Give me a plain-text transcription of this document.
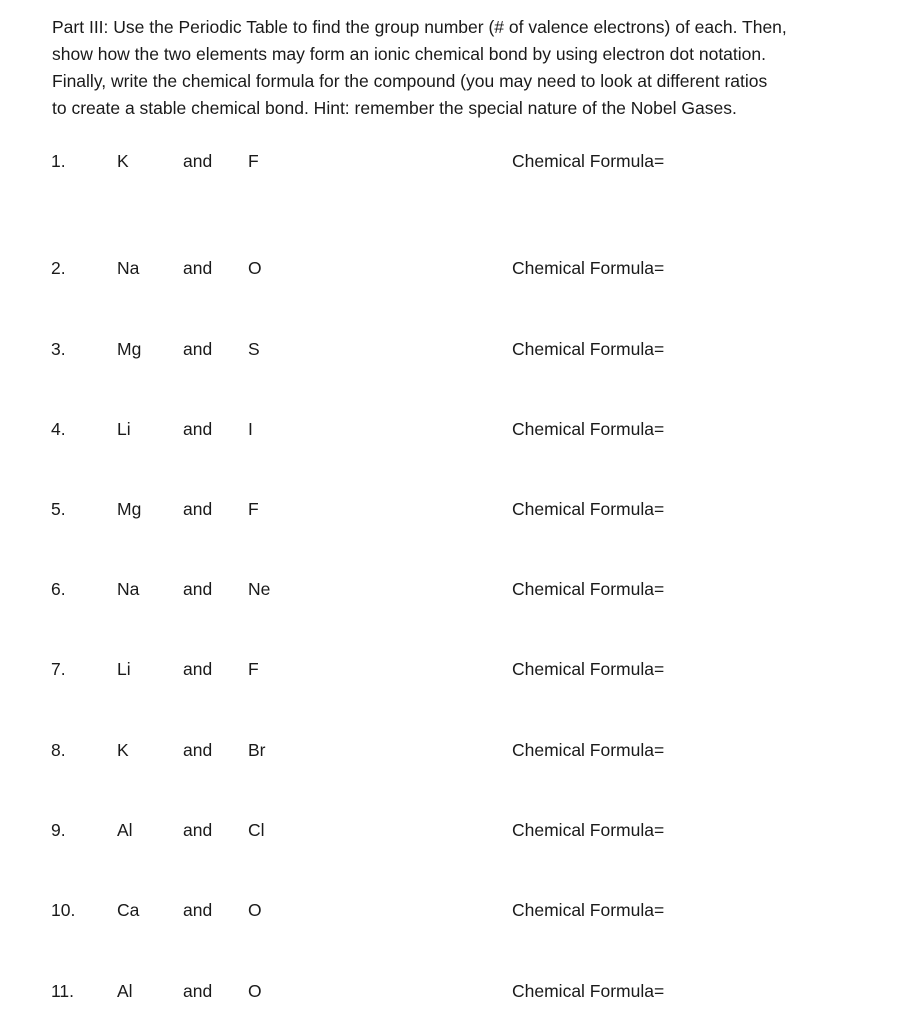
Part III: Use the Periodic Table to find the group number (# of valence electrons) of each. Then,

show how the two elements may form an ionic chemical bond by using electron dot notation.

Finally, write the chemical formula for the compound (you may need to look at different ratios

to create a stable chemical bond. Hint: remember the special nature of the Nobel Gases.

1.	K	and F	Chemical Formula=
2.	Na and O	Chemical Formula=
3.	Mg and S	Chemical Formula=
4.	Li	and I	Chemical Formula=
5.	Mg and F	Chemical Formula=
6.	Na and Ne	Chemical Formula=
7.	Li	and F	Chemical Formula=
8.	K	and Br	Chemical Formula=
9.	Al	and Cl	Chemical Formula=
10. Ca and O	Chemical Formula=
11. Al	and O	Chemical Formula=
